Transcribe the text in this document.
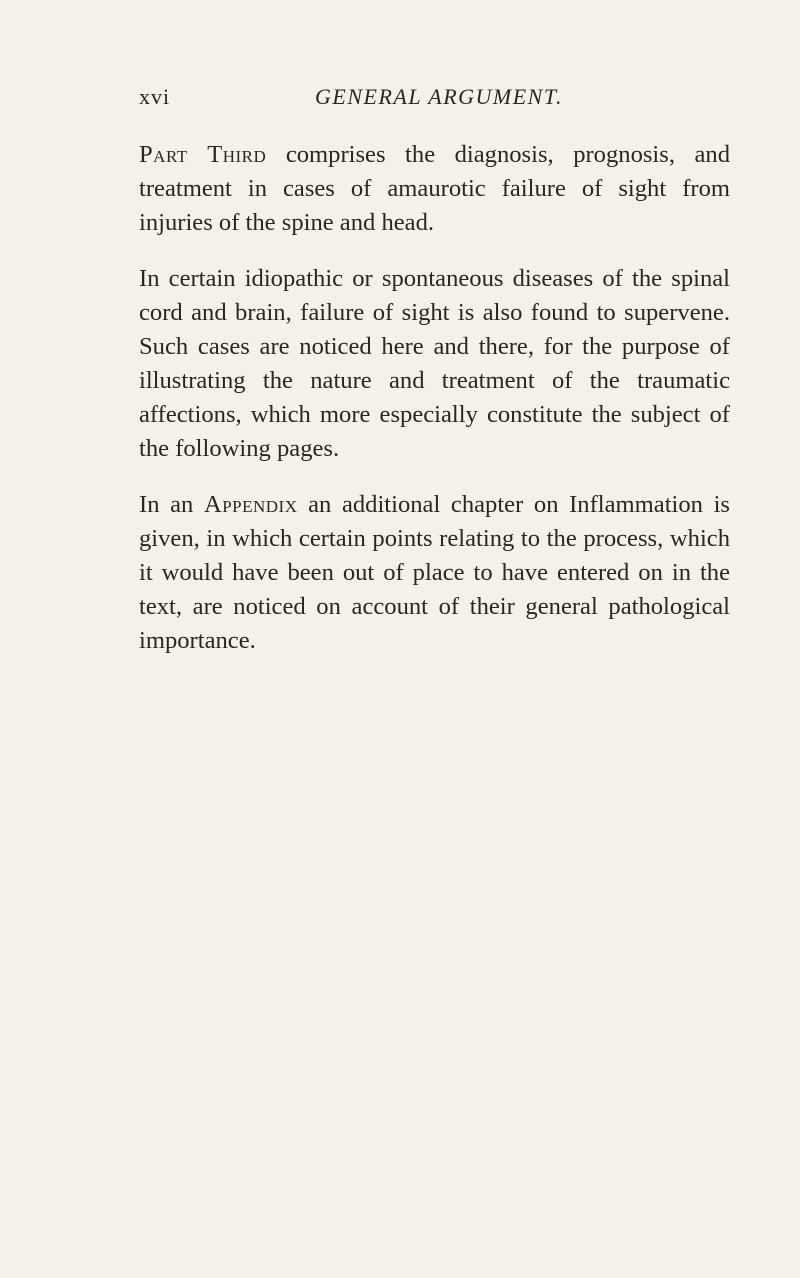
xvi	GENERAL ARGUMENT.

Part Third comprises the diagnosis, prognosis, and treatment in cases of amaurotic failure of sight from injuries of the spine and head.

In certain idiopathic or spontaneous diseases of the spinal cord and brain, failure of sight is also found to supervene. Such cases are noticed here and there, for the purpose of illustrating the nature and treatment of the traumatic affections, which more especially constitute the subject of the following pages.

In an Appendix an additional chapter on Inflammation is given, in which certain points relating to the process, which it would have been out of place to have entered on in the text, are noticed on account of their general pathological importance.
